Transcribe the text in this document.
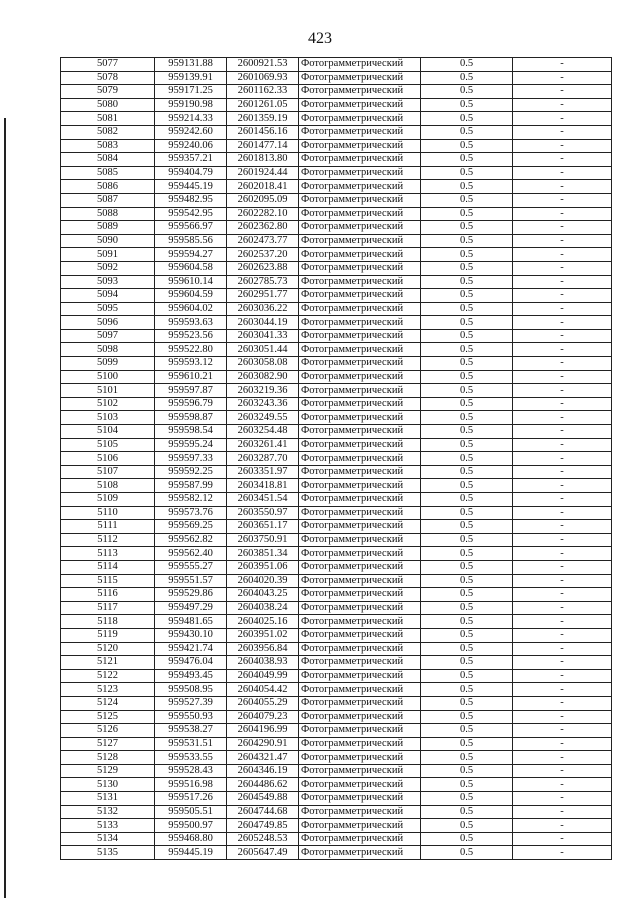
423
5077	959131.88	2600921.53	Фотограмметрический	0.5	-
5078	959139.91	2601069.93	Фотограмметрический	0.5	-
5079	959171.25	2601162.33	Фотограмметрический	0.5	-
5080	959190.98	2601261.05	Фотограмметрический	0.5	-
5081	959214.33	2601359.19	Фотограмметрический	0.5	-
5082	959242.60	2601456.16	Фотограмметрический	0.5	-
5083	959240.06	2601477.14	Фотограмметрический	0.5	-
5084	959357.21	2601813.80	Фотограмметрический	0.5	-
5085	959404.79	2601924.44	Фотограмметрический	0.5	-
5086	959445.19	2602018.41	Фотограмметрический	0.5	-
5087	959482.95	2602095.09	Фотограмметрический	0.5	-
5088	959542.95	2602282.10	Фотограмметрический	0.5	-
5089	959566.97	2602362.80	Фотограмметрический	0.5	-
5090	959585.56	2602473.77	Фотограмметрический	0.5	-
5091	959594.27	2602537.20	Фотограмметрический	0.5	-
5092	959604.58	2602623.88	Фотограмметрический	0.5	-
5093	959610.14	2602785.73	Фотограмметрический	0.5	-
5094	959604.59	2602951.77	Фотограмметрический	0.5	-
5095	959604.02	2603036.22	Фотограмметрический	0.5	-
5096	959593.63	2603044.19	Фотограмметрический	0.5	-
5097	959523.56	2603041.33	Фотограмметрический	0.5	-
5098	959522.80	2603051.44	Фотограмметрический	0.5	-
5099	959593.12	2603058.08	Фотограмметрический	0.5	-
5100	959610.21	2603082.90	Фотограмметрический	0.5	-
5101	959597.87	2603219.36	Фотограмметрический	0.5	-
5102	959596.79	2603243.36	Фотограмметрический	0.5	-
5103	959598.87	2603249.55	Фотограмметрический	0.5	-
5104	959598.54	2603254.48	Фотограмметрический	0.5	-
5105	959595.24	2603261.41	Фотограмметрический	0.5	-
5106	959597.33	2603287.70	Фотограмметрический	0.5	-
5107	959592.25	2603351.97	Фотограмметрический	0.5	-
5108	959587.99	2603418.81	Фотограмметрический	0.5	-
5109	959582.12	2603451.54	Фотограмметрический	0.5	-
5110	959573.76	2603550.97	Фотограмметрический	0.5	-
5111	959569.25	2603651.17	Фотограмметрический	0.5	-
5112	959562.82	2603750.91	Фотограмметрический	0.5	-
5113	959562.40	2603851.34	Фотограмметрический	0.5	-
5114	959555.27	2603951.06	Фотограмметрический	0.5	-
5115	959551.57	2604020.39	Фотограмметрический	0.5	-
5116	959529.86	2604043.25	Фотограмметрический	0.5	-
5117	959497.29	2604038.24	Фотограмметрический	0.5	-
5118	959481.65	2604025.16	Фотограмметрический	0.5	-
5119	959430.10	2603951.02	Фотограмметрический	0.5	-
5120	959421.74	2603956.84	Фотограмметрический	0.5	-
5121	959476.04	2604038.93	Фотограмметрический	0.5	-
5122	959493.45	2604049.99	Фотограмметрический	0.5	-
5123	959508.95	2604054.42	Фотограмметрический	0.5	-
5124	959527.39	2604055.29	Фотограмметрический	0.5	-
5125	959550.93	2604079.23	Фотограмметрический	0.5	-
5126	959538.27	2604196.99	Фотограмметрический	0.5	-
5127	959531.51	2604290.91	Фотограмметрический	0.5	-
5128	959533.55	2604321.47	Фотограмметрический	0.5	-
5129	959528.43	2604346.19	Фотограмметрический	0.5	-
5130	959516.98	2604486.62	Фотограмметрический	0.5	-
5131	959517.26	2604549.88	Фотограмметрический	0.5	-
5132	959505.51	2604744.68	Фотограмметрический	0.5	-
5133	959500.97	2604749.85	Фотограмметрический	0.5	-
5134	959468.80	2605248.53	Фотограмметрический	0.5	-
5135	959445.19	2605647.49	Фотограмметрический	0.5	-
